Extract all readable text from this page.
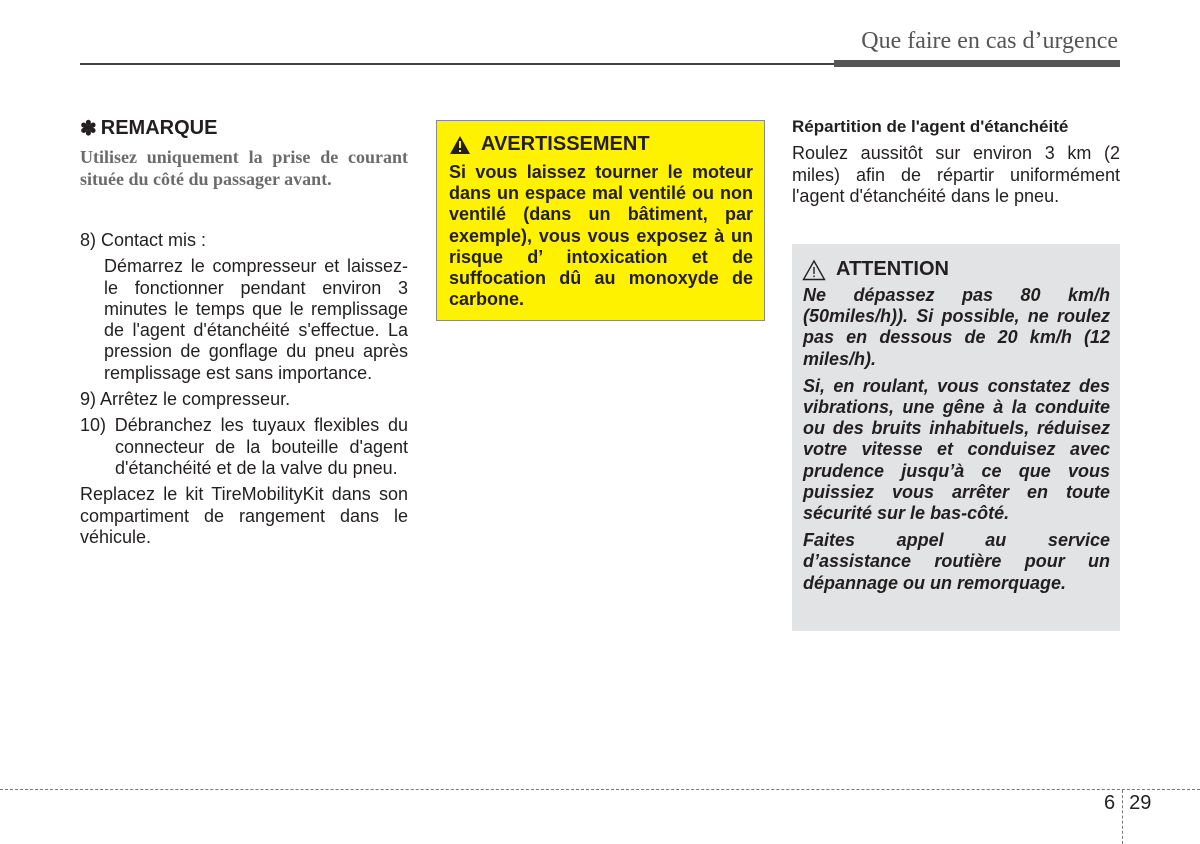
Que faire en cas d’urgence
✽ REMARQUE

Utilisez uniquement la prise de courant située du côté du passager avant.

8) Contact mis :

Démarrez le compresseur et laissez-le fonctionner pendant environ 3 minutes le temps que le remplissage de l'agent d'étanchéité s'effectue. La pression de gonflage du pneu après remplissage est sans importance.

9) Arrêtez le compresseur.

10) Débranchez les tuyaux flexibles du connecteur de la bouteille d'agent d'étanchéité et de la valve du pneu.

Replacez le kit TireMobilityKit dans son compartiment de rangement dans le véhicule.

AVERTISSEMENT

Si vous laissez tourner le moteur dans un espace mal ventilé ou non ventilé (dans un bâtiment, par exemple), vous vous exposez à un risque d’ intoxication et de suffocation dû au monoxyde de carbone.

Répartition de l'agent d'étanchéité

Roulez aussitôt sur environ 3 km (2 miles) afin de répartir uniformément l'agent d'étanchéité dans le pneu.

ATTENTION

Ne dépassez pas 80 km/h (50miles/h)). Si possible, ne roulez pas en dessous de 20 km/h (12 miles/h).

Si, en roulant, vous constatez des vibrations, une gêne à la conduite ou des bruits inhabituels, réduisez votre vitesse et conduisez avec prudence jusqu’à ce que vous puissiez vous arrêter en toute sécurité sur le bas-côté.

Faites appel au service d’assistance routière pour un dépannage ou un remorquage.

6 29
